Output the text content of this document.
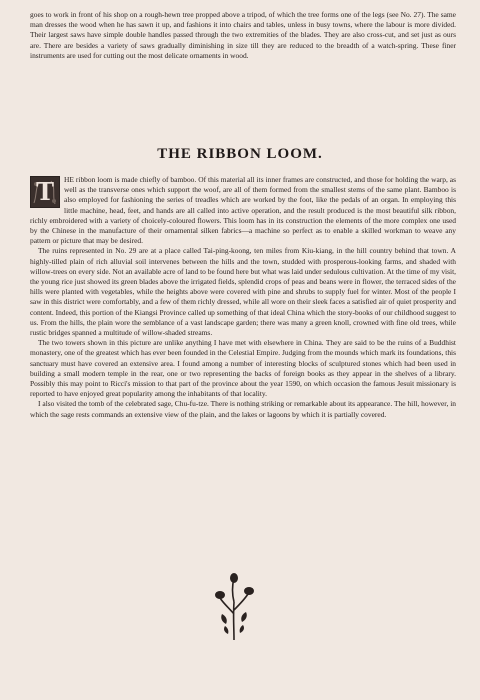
goes to work in front of his shop on a rough-hewn tree propped above a tripod, of which the tree forms one of the legs (see No. 27). The same man dresses the wood when he has sawn it up, and fashions it into chairs and tables, unless in busy towns, where the labour is more divided. Their largest saws have simple double handles passed through the two extremities of the blades. They are also cross-cut, and set just as ours are. There are besides a variety of saws gradually diminishing in size till they are reduced to the breadth of a watch-spring. These finer instruments are used for cutting out the most delicate ornaments in wood.

THE RIBBON LOOM.

T	HE ribbon loom is made chiefly of bamboo. Of this material all its inner frames are constructed, and those for holding the warp, as well as the transverse ones which support the woof, are all of them formed from the smallest stems of the same plant. Bamboo is also employed for fashioning the series of treadles which are worked by the foot, like the pedals of an organ. In employing this little machine, head, feet, and hands are all called into active operation, and the result produced is the most beautiful silk ribbon, richly embroidered with a variety of choicely-coloured flowers. This loom has in its construction the elements of the more complex one used by the Chinese in the manufacture of their ornamental silken fabrics—a machine so perfect as to enable a skilled workman to weave any pattern or picture that may be desired.

The ruins represented in No. 29 are at a place called Tai-ping-koong, ten miles from Kiu-kiang, in the hill country behind that town. A highly-tilled plain of rich alluvial soil intervenes between the hills and the town, studded with prosperous-looking farms, and shaded with willow-trees on every side. Not an available acre of land to be found here but what was laid under sedulous cultivation. At the time of my visit, the young rice just showed its green blades above the irrigated fields, splendid crops of peas and beans were in flower, the terraced sides of the hills were planted with vegetables, while the heights above were covered with pine and shrubs to supply fuel for winter. Most of the people I saw in this district were comfortably, and a few of them richly dressed, while all wore on their sleek faces a satisfied air of quiet prosperity and content. Indeed, this portion of the Kiangsi Province called up something of that ideal China which the story-books of our childhood suggest to us. From the hills, the plain wore the semblance of a vast landscape garden; there was many a green knoll, crowned with fine old trees, while rustic bridges spanned a multitude of willow-shaded streams.

The two towers shown in this picture are unlike anything I have met with elsewhere in China. They are said to be the ruins of a Buddhist monastery, one of the greatest which has ever been founded in the Celestial Empire. Judging from the mounds which mark its foundations, this sanctuary must have covered an extensive area. I found among a number of interesting blocks of sculptured stones which had been used in building a small modern temple in the rear, one or two representing the backs of foreign books as they appear in the shelves of a library. Possibly this may point to Ricci's mission to that part of the province about the year 1590, on which occasion the famous Jesuit missionary is reported to have enjoyed great popularity among the inhabitants of that locality.

I also visited the tomb of the celebrated sage, Chu-fu-tze. There is nothing striking or remarkable about its appearance. The hill, however, in which the sage rests commands an extensive view of the plain, and the lakes or lagoons by which it is partially covered.
